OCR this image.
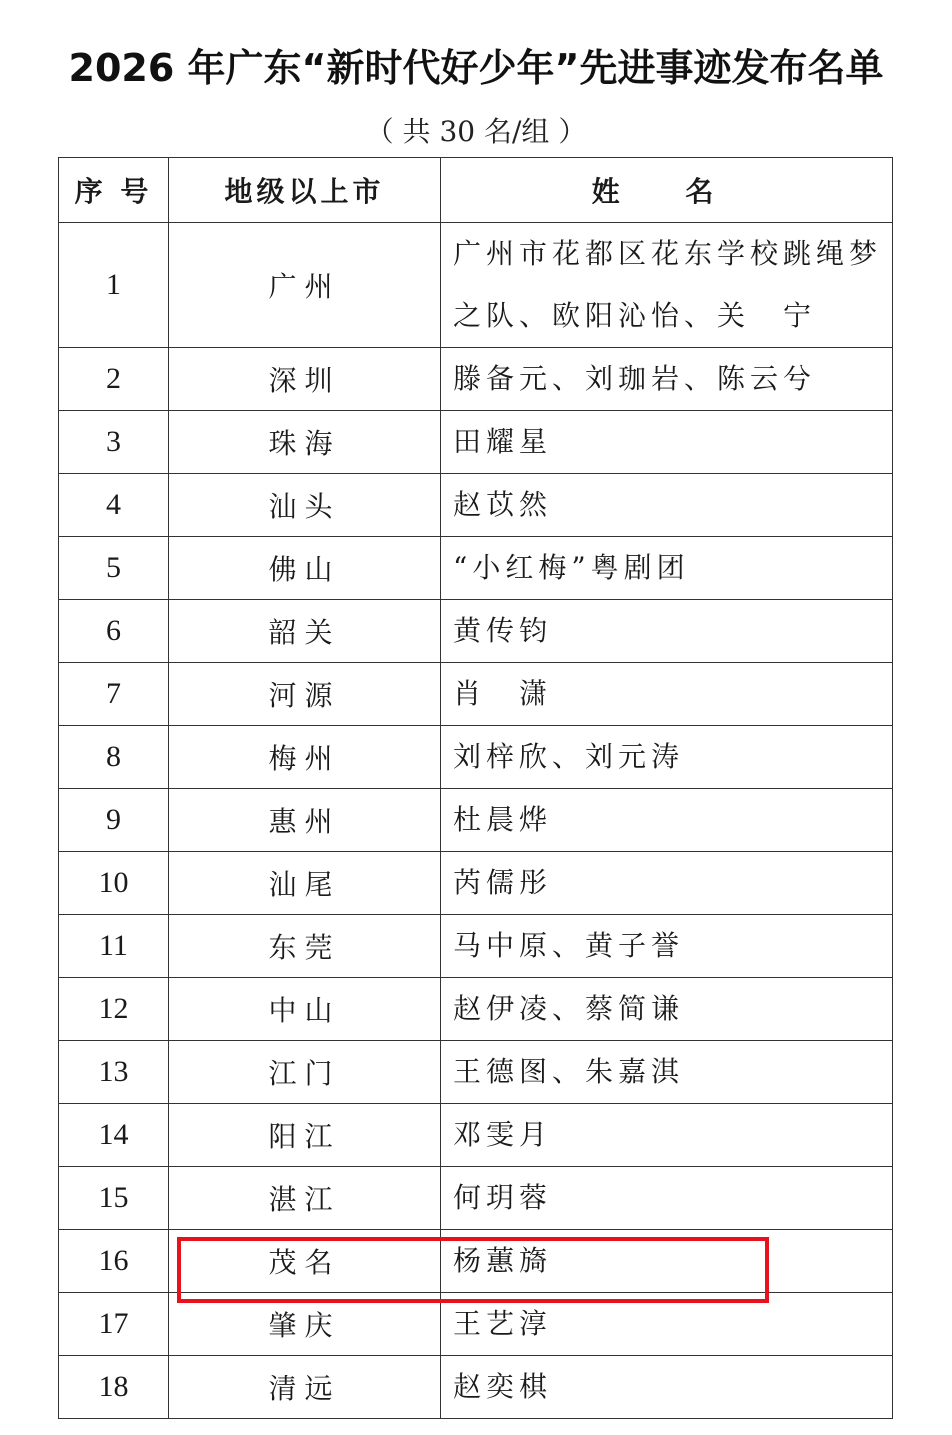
2026 年广东“新时代好少年”先进事迹发布名单
（ 共 30 名/组 ）
序 号	地级以上市	姓 名
1	广州	广州市花都区花东学校跳绳梦之队、欧阳沁怡、关　宁
2	深圳	滕备元、刘珈岩、陈云兮
3	珠海	田耀星
4	汕头	赵苡然
5	佛山	“小红梅”粤剧团
6	韶关	黄传钧
7	河源	肖　潇
8	梅州	刘梓欣、刘元涛
9	惠州	杜晨烨
10	汕尾	芮儒彤
11	东莞	马中原、黄子誉
12	中山	赵伊凌、蔡简谦
13	江门	王德图、朱嘉淇
14	阳江	邓雯月
15	湛江	何玥蓉
16	茂名	杨蕙旖
17	肇庆	王艺淳
18	清远	赵奕棋
